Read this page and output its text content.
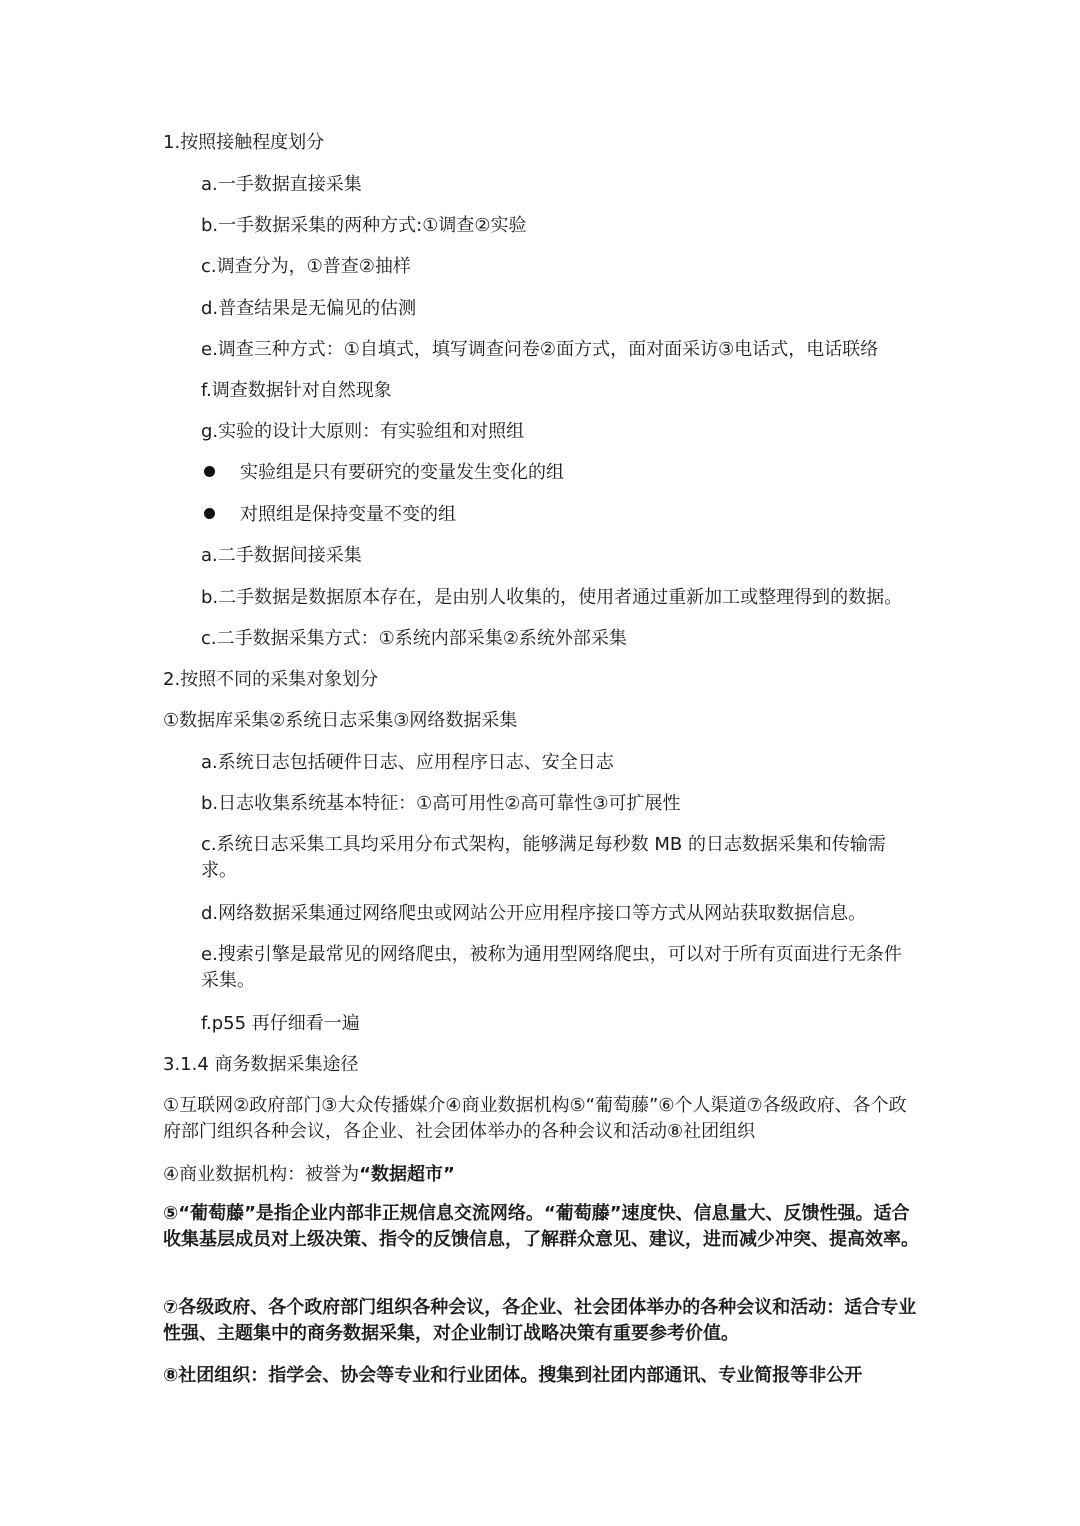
1.按照接触程度划分

a.一手数据直接采集

b.一手数据采集的两种方式:①调查②实验

c.调查分为，①普查②抽样

d.普查结果是无偏见的估测

e.调查三种方式：①自填式，填写调查问卷②面方式，面对面采访③电话式，电话联络

f.调查数据针对自然现象

g.实验的设计大原则：有实验组和对照组

实验组是只有要研究的变量发生变化的组
对照组是保持变量不变的组

a.二手数据间接采集

b.二手数据是数据原本存在，是由别人收集的，使用者通过重新加工或整理得到的数据。

c.二手数据采集方式：①系统内部采集②系统外部采集

2.按照不同的采集对象划分

①数据库采集②系统日志采集③网络数据采集

a.系统日志包括硬件日志、应用程序日志、安全日志

b.日志收集系统基本特征：①高可用性②高可靠性③可扩展性

c.系统日志采集工具均采用分布式架构，能够满足每秒数 MB 的日志数据采集和传输需求。

d.网络数据采集通过网络爬虫或网站公开应用程序接口等方式从网站获取数据信息。

e.搜索引擎是最常见的网络爬虫，被称为通用型网络爬虫，可以对于所有页面进行无条件采集。

f.p55 再仔细看一遍

3.1.4 商务数据采集途径

①互联网②政府部门③大众传播媒介④商业数据机构⑤“葡萄藤”⑥个人渠道⑦各级政府、各个政府部门组织各种会议，各企业、社会团体举办的各种会议和活动⑧社团组织

④商业数据机构：被誉为“数据超市”

⑤“葡萄藤”是指企业内部非正规信息交流网络。“葡萄藤”速度快、信息量大、反馈性强。适合收集基层成员对上级决策、指令的反馈信息，了解群众意见、建议，进而减少冲突、提高效率。

⑦各级政府、各个政府部门组织各种会议，各企业、社会团体举办的各种会议和活动：适合专业性强、主题集中的商务数据采集，对企业制订战略决策有重要参考价值。

⑧社团组织：指学会、协会等专业和行业团体。搜集到社团内部通讯、专业简报等非公开
